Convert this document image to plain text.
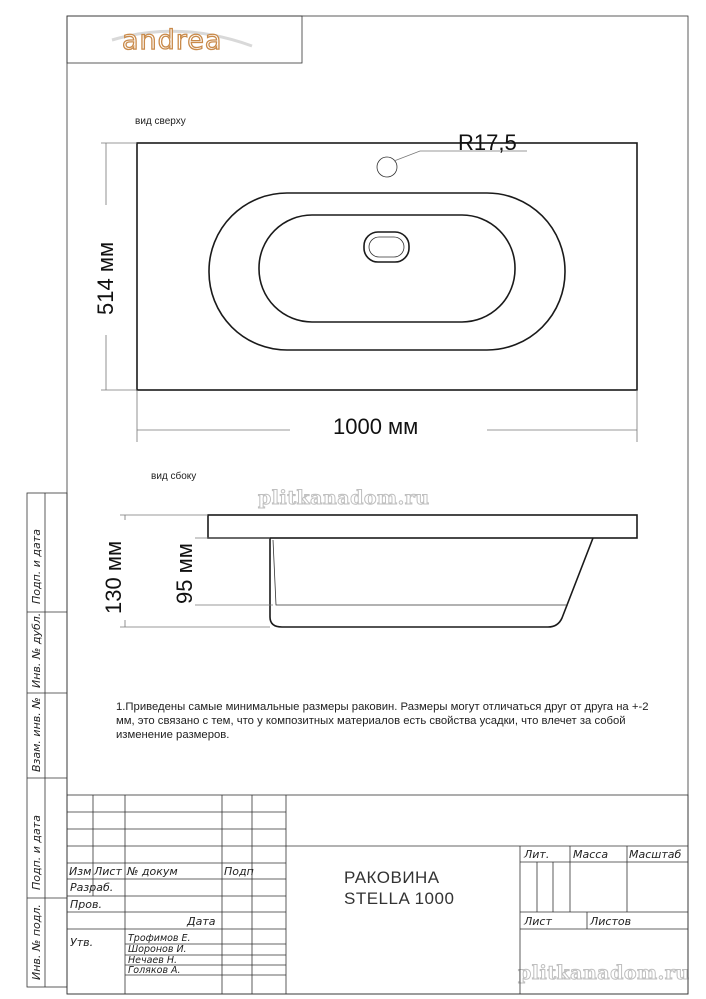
andrea
plitkanadom.ru
plitkanadom.ru
вид сверху
R17,5
514 мм
1000 мм
вид сбоку
130 мм 95 мм
Подп. и дата
Инв. № дубл.
Взам. инв. №
Подп. и дата
Инв. № подл.
Изм Лист № докум	Подп
Дата
Разраб.
Пров.
Утв.	Трофимов Е.
Шоронов И.
Нечаев Н.
Голяков А.
Лит. Масса Масштаб
Лист	Листов
РАКОВИНА
STELLA 1000

1.Приведены самые минимальные размеры раковин. Размеры могут отличаться друг от друга на +-2 мм, это связано с тем, что у композитных материалов есть свойства усадки, что влечет за собой изменение размеров.
